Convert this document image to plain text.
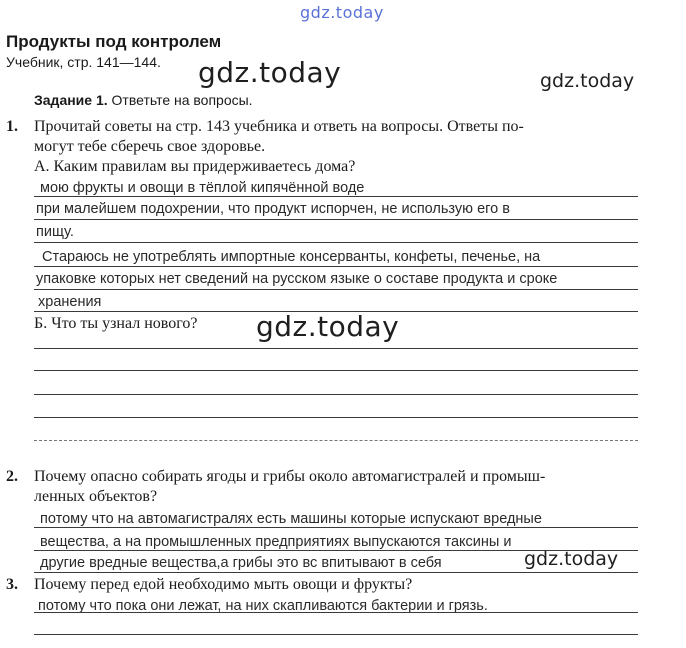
gdz.today
gdz.today	gdz.today
gdz.today
gdz.today
Продукты под контролем
Учебник, стр. 141—144.
Задание 1. Ответьте на вопросы.
1. Прочитай советы на стр. 143 учебника и ответь на вопросы. Ответы по-
могут тебе сберечь свое здоровье.
А. Каким правилам вы придерживаетесь дома?
мою фрукты и овощи в тёплой кипячённой воде
при малейшем подохрении, что продукт испорчен, не использую его в
пищу.
Стараюсь не употреблять импортные консерванты, конфеты, печенье, на
упаковке которых нет сведений на русском языке о составе продукта и сроке
хранения
Б. Что ты узнал нового?
2. Почему опасно собирать ягоды и грибы около автомагистралей и промыш-
ленных объектов?
потому что на автомагистралях есть машины которые испускают вредные
вещества, а на промышленных предприятиях выпускаются таксины и
другие вредные вещества,а грибы это вс впитывают в себя
3. Почему перед едой необходимо мыть овощи и фрукты?
потому что пока они лежат, на них скапливаются бактерии и грязь.
